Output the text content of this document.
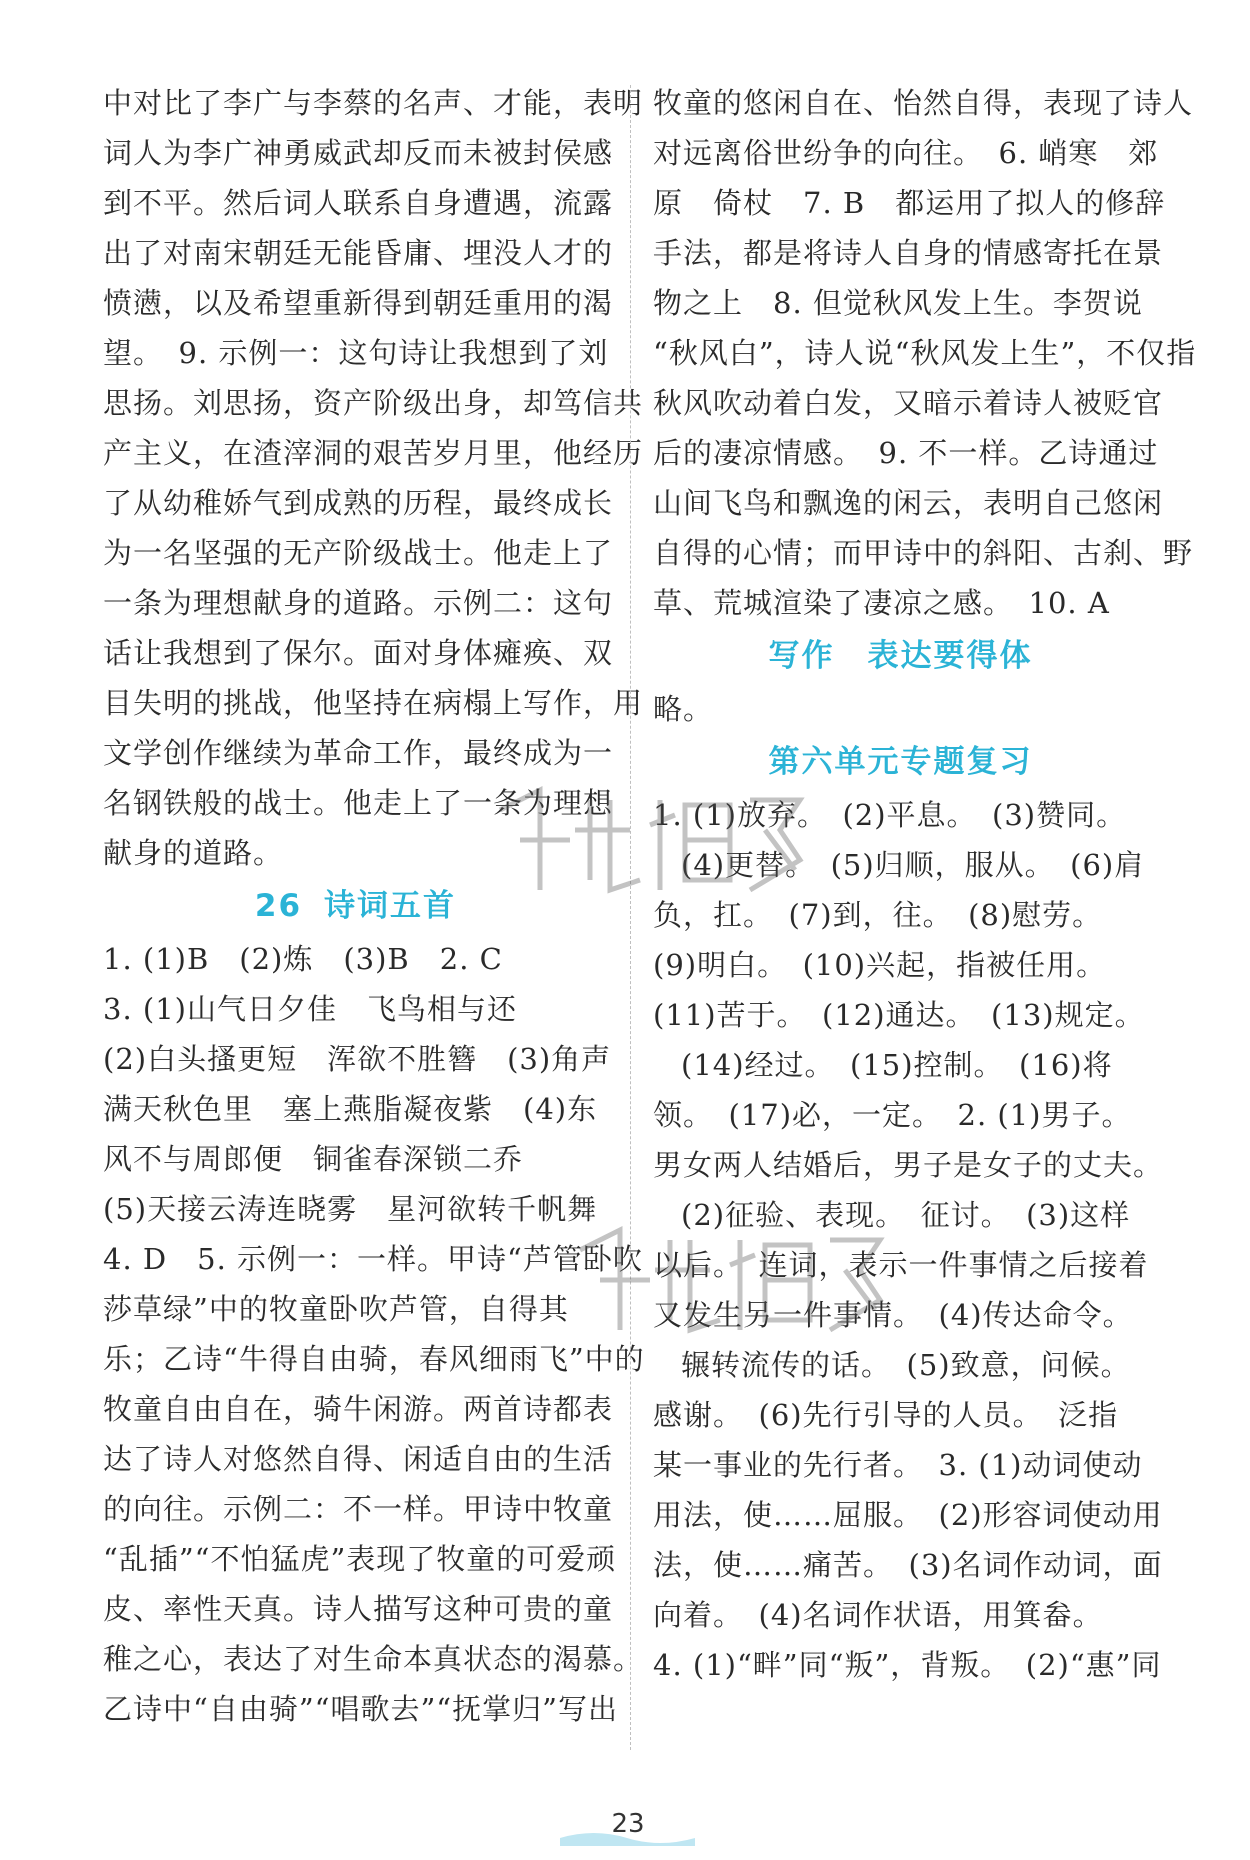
中对比了李广与李蔡的名声、才能，表明
词人为李广神勇威武却反而未被封侯感
到不平。然后词人联系自身遭遇，流露
出了对南宋朝廷无能昏庸、埋没人才的
愤懑，以及希望重新得到朝廷重用的渴
望。　9. 示例一：这句诗让我想到了刘
思扬。刘思扬，资产阶级出身，却笃信共
产主义，在渣滓洞的艰苦岁月里，他经历
了从幼稚娇气到成熟的历程，最终成长
为一名坚强的无产阶级战士。他走上了
一条为理想献身的道路。示例二：这句
话让我想到了保尔。面对身体瘫痪、双
目失明的挑战，他坚持在病榻上写作，用
文学创作继续为革命工作，最终成为一
名钢铁般的战士。他走上了一条为理想
献身的道路。
26 诗词五首
1. (1)B　(2)炼　(3)B　2. C
3. (1)山气日夕佳　飞鸟相与还
(2)白头搔更短　浑欲不胜簪　(3)角声
满天秋色里　塞上燕脂凝夜紫　(4)东
风不与周郎便　铜雀春深锁二乔
(5)天接云涛连晓雾　星河欲转千帆舞
4. D　5. 示例一：一样。甲诗“芦管卧吹
莎草绿”中的牧童卧吹芦管，自得其
乐；乙诗“牛得自由骑，春风细雨飞”中的
牧童自由自在，骑牛闲游。两首诗都表
达了诗人对悠然自得、闲适自由的生活
的向往。示例二：不一样。甲诗中牧童
“乱插”“不怕猛虎”表现了牧童的可爱顽
皮、率性天真。诗人描写这种可贵的童
稚之心，表达了对生命本真状态的渴慕。
乙诗中“自由骑”“唱歌去”“抚掌归”写出
牧童的悠闲自在、怡然自得，表现了诗人
对远离俗世纷争的向往。　6. 峭寒　郊
原　倚杖　7. B　都运用了拟人的修辞
手法，都是将诗人自身的情感寄托在景
物之上　8. 但觉秋风发上生。李贺说
“秋风白”，诗人说“秋风发上生”，不仅指
秋风吹动着白发，又暗示着诗人被贬官
后的凄凉情感。　9. 不一样。乙诗通过
山间飞鸟和飘逸的闲云，表明自己悠闲
自得的心情；而甲诗中的斜阳、古刹、野
草、荒城渲染了凄凉之感。　10. A
写作　表达要得体
略。
第六单元专题复习
1. (1)放弃。　(2)平息。　(3)赞同。
(4)更替。　(5)归顺，服从。　(6)肩
负，扛。　(7)到，往。　(8)慰劳。
(9)明白。　(10)兴起，指被任用。
(11)苦于。　(12)通达。　(13)规定。
(14)经过。　(15)控制。　(16)将
领。　(17)必，一定。　2. (1)男子。
男女两人结婚后，男子是女子的丈夫。
(2)征验、表现。　征讨。　(3)这样
以后。　连词，表示一件事情之后接着
又发生另一件事情。　(4)传达命令。
辗转流传的话。　(5)致意，问候。
感谢。　(6)先行引导的人员。　泛指
某一事业的先行者。　3. (1)动词使动
用法，使……屈服。　(2)形容词使动用
法，使……痛苦。　(3)名词作动词，面
向着。　(4)名词作状语，用箕畚。
4. (1)“畔”同“叛”，背叛。　(2)“惠”同
23
